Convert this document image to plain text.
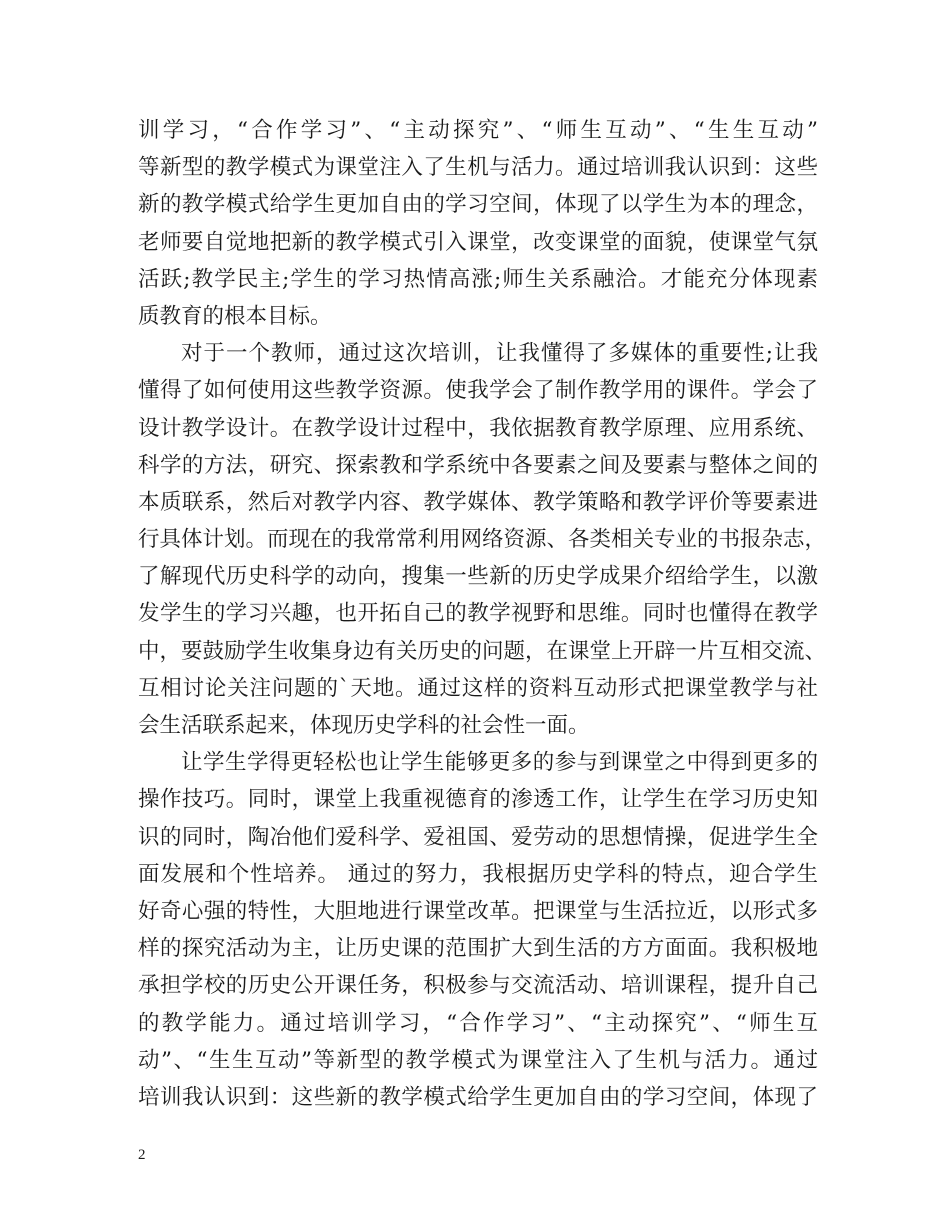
训学习，“合作学习”、“主动探究”、“师生互动”、“生生互动”
等新型的教学模式为课堂注入了生机与活力。通过培训我认识到：这些
新的教学模式给学生更加自由的学习空间，体现了以学生为本的理念，
老师要自觉地把新的教学模式引入课堂，改变课堂的面貌，使课堂气氛
活跃;教学民主;学生的学习热情高涨;师生关系融洽。才能充分体现素
质教育的根本目标。
对于一个教师，通过这次培训，让我懂得了多媒体的重要性;让我
懂得了如何使用这些教学资源。使我学会了制作教学用的课件。学会了
设计教学设计。在教学设计过程中，我依据教育教学原理、应用系统、
科学的方法，研究、探索教和学系统中各要素之间及要素与整体之间的
本质联系，然后对教学内容、教学媒体、教学策略和教学评价等要素进
行具体计划。而现在的我常常利用网络资源、各类相关专业的书报杂志，
了解现代历史科学的动向，搜集一些新的历史学成果介绍给学生，以激
发学生的学习兴趣，也开拓自己的教学视野和思维。同时也懂得在教学
中，要鼓励学生收集身边有关历史的问题，在课堂上开辟一片互相交流、
互相讨论关注问题的`天地。通过这样的资料互动形式把课堂教学与社
会生活联系起来，体现历史学科的社会性一面。
让学生学得更轻松也让学生能够更多的参与到课堂之中得到更多的
操作技巧。同时，课堂上我重视德育的渗透工作，让学生在学习历史知
识的同时，陶冶他们爱科学、爱祖国、爱劳动的思想情操，促进学生全
面发展和个性培养。 通过的努力，我根据历史学科的特点，迎合学生
好奇心强的特性，大胆地进行课堂改革。把课堂与生活拉近，以形式多
样的探究活动为主，让历史课的范围扩大到生活的方方面面。我积极地
承担学校的历史公开课任务，积极参与交流活动、培训课程，提升自己
的教学能力。通过培训学习，“合作学习”、“主动探究”、“师生互
动”、“生生互动”等新型的教学模式为课堂注入了生机与活力。通过
培训我认识到：这些新的教学模式给学生更加自由的学习空间，体现了
2
